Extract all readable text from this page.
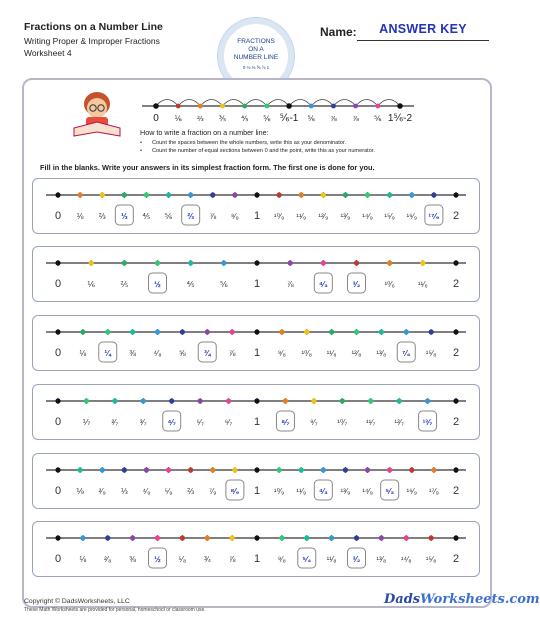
Fractions on a Number Line
Writing Proper & Improper Fractions
Worksheet 4
FRACTIONS
ON A
NUMBER LINE
0 ⅛ ⅜ ⅝ ⅞ 1
Name:	ANSWER KEY
0 ⅙ ⅔ ⅗ ⅘ ⅚ ⅚-1 ⅚ ⅞ ⅞ ⅚ 1⅚-2
How to write a fraction on a number line:
• Count the spaces between the whole numbers, write this as your denominator.
• Count the number of equal sections between 0 and the point, write this as your numerator.
Fill in the blanks. Write your answers in its simplest fraction form. The first one is done for you.
0 ⅛ ⅔ ⅓ ⅘ ⅚ ⅔ ⅞ ⁸⁄₉ 1 ¹⁰⁄₉ ¹¹⁄₉ ¹²⁄₉ ¹³⁄₉ ¹⁴⁄₉ ¹⁵⁄₉ ¹⁶⁄₉ ¹⁷⁄₉ 2
0	⅙	⅖	½	⅘	⅚ 1	⅞	⁴⁄₃	³⁄₂	¹⁰⁄₆	¹¹⁄₆ 2
0 ⅛ ¼ ⅜ ⁴⁄₈ ⅝ ¾ ⅞ 1 ⁹⁄₈ ¹⁰⁄₈ ¹¹⁄₈ ¹²⁄₈ ¹³⁄₈ ⁷⁄₄ ¹⁵⁄₈ 2
0	⅐	²⁄₇	³⁄₇	⁴⁄₇	⁵⁄₇	⁶⁄₇ 1	⁸⁄₇	⁹⁄₇ ¹⁰⁄₇ ¹¹⁄₇ ¹²⁄₇ ¹³⁄₇ 2
0 ⅑ ²⁄₉ ⅓ ⁴⁄₉ ⁵⁄₉ ⅔ ⁷⁄₉ ⁸⁄₉ 1 ¹⁰⁄₉ ¹¹⁄₉ ⁴⁄₃ ¹³⁄₉ ¹⁴⁄₉ ⁵⁄₃ ¹⁶⁄₉ ¹⁷⁄₉ 2
0 ⅛ ²⁄₈ ⅜ ½ ⁵⁄₈ ¾ ⅞ 1 ⁹⁄₈ ⁵⁄₄ ¹¹⁄₈ ³⁄₂ ¹³⁄₈ ¹⁴⁄₈ ¹⁵⁄₈ 2
Copyright © DadsWorksheets, LLC
These Math Worksheets are provided for personal, homeschool or classroom use.
DadsWorksheets.com
